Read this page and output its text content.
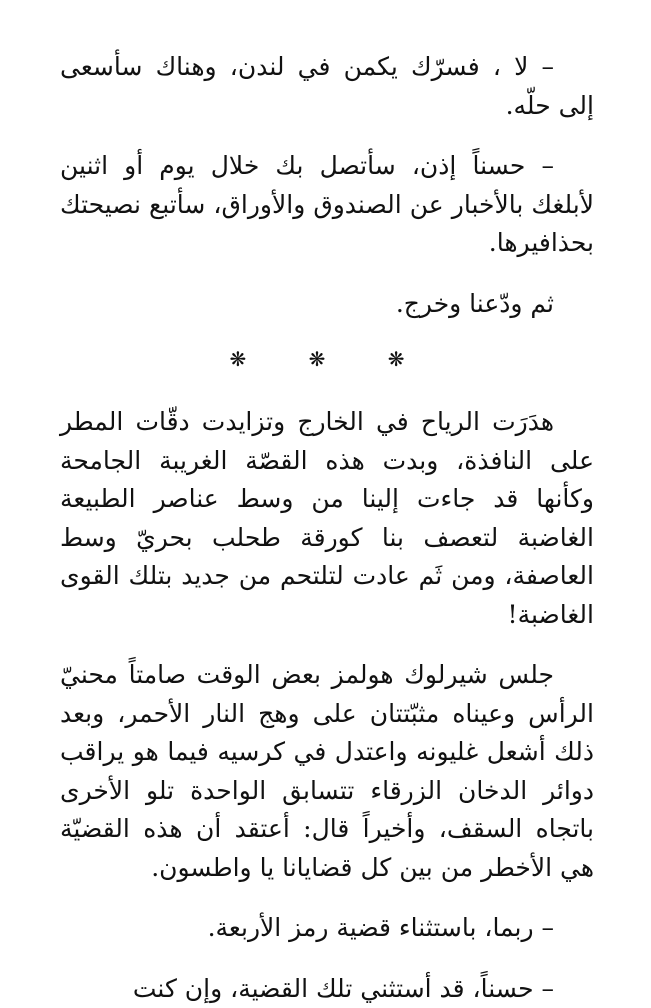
– لا ، فسرّك يكمن في لندن، وهناك سأسعى إلى حلّه.

– حسناً إذن، سأتصل بك خلال يوم أو اثنين لأبلغك بالأخبار عن الصندوق والأوراق، سأتبع نصيحتك بحذافيرها.

ثم ودّعنا وخرج.

❋ ❋ ❋

هدَرَت الرياح في الخارج وتزايدت دقّات المطر على النافذة، وبدت هذه القصّة الغريبة الجامحة وكأنها قد جاءت إلينا من وسط عناصر الطبيعة الغاضبة لتعصف بنا كورقة طحلب بحريّ وسط العاصفة، ومن ثَم عادت لتلتحم من جديد بتلك القوى الغاضبة!

جلس شيرلوك هولمز بعض الوقت صامتاً محنيّ الرأس وعيناه مثبّتتان على وهج النار الأحمر، وبعد ذلك أشعل غليونه واعتدل في كرسيه فيما هو يراقب دوائر الدخان الزرقاء تتسابق الواحدة تلو الأخرى باتجاه السقف، وأخيراً قال: أعتقد أن هذه القضيّة هي الأخطر من بين كل قضايانا يا واطسون.

– ربما، باستثناء قضية رمز الأربعة.

– حسناً، قد أستثني تلك القضية، وإن كنت
